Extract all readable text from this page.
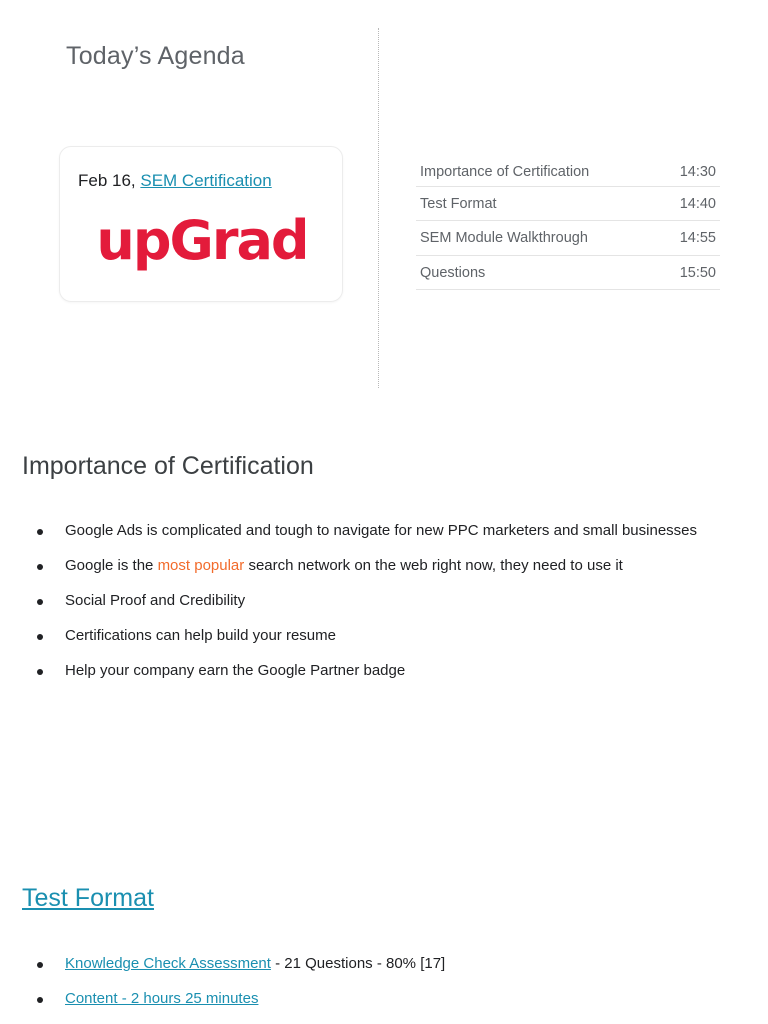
Today’s Agenda
Feb 16, SEM Certification
upGrad
Importance of Certification	14:30
Test Format	14:40
SEM Module Walkthrough	14:55
Questions	15:50
Importance of Certification
Google Ads is complicated and tough to navigate for new PPC marketers and small businesses
Google is the most popular search network on the web right now, they need to use it
Social Proof and Credibility
Certifications can help build your resume
Help your company earn the Google Partner badge
Test Format
Knowledge Check Assessment - 21 Questions - 80% [17]
Content - 2 hours 25 minutes
